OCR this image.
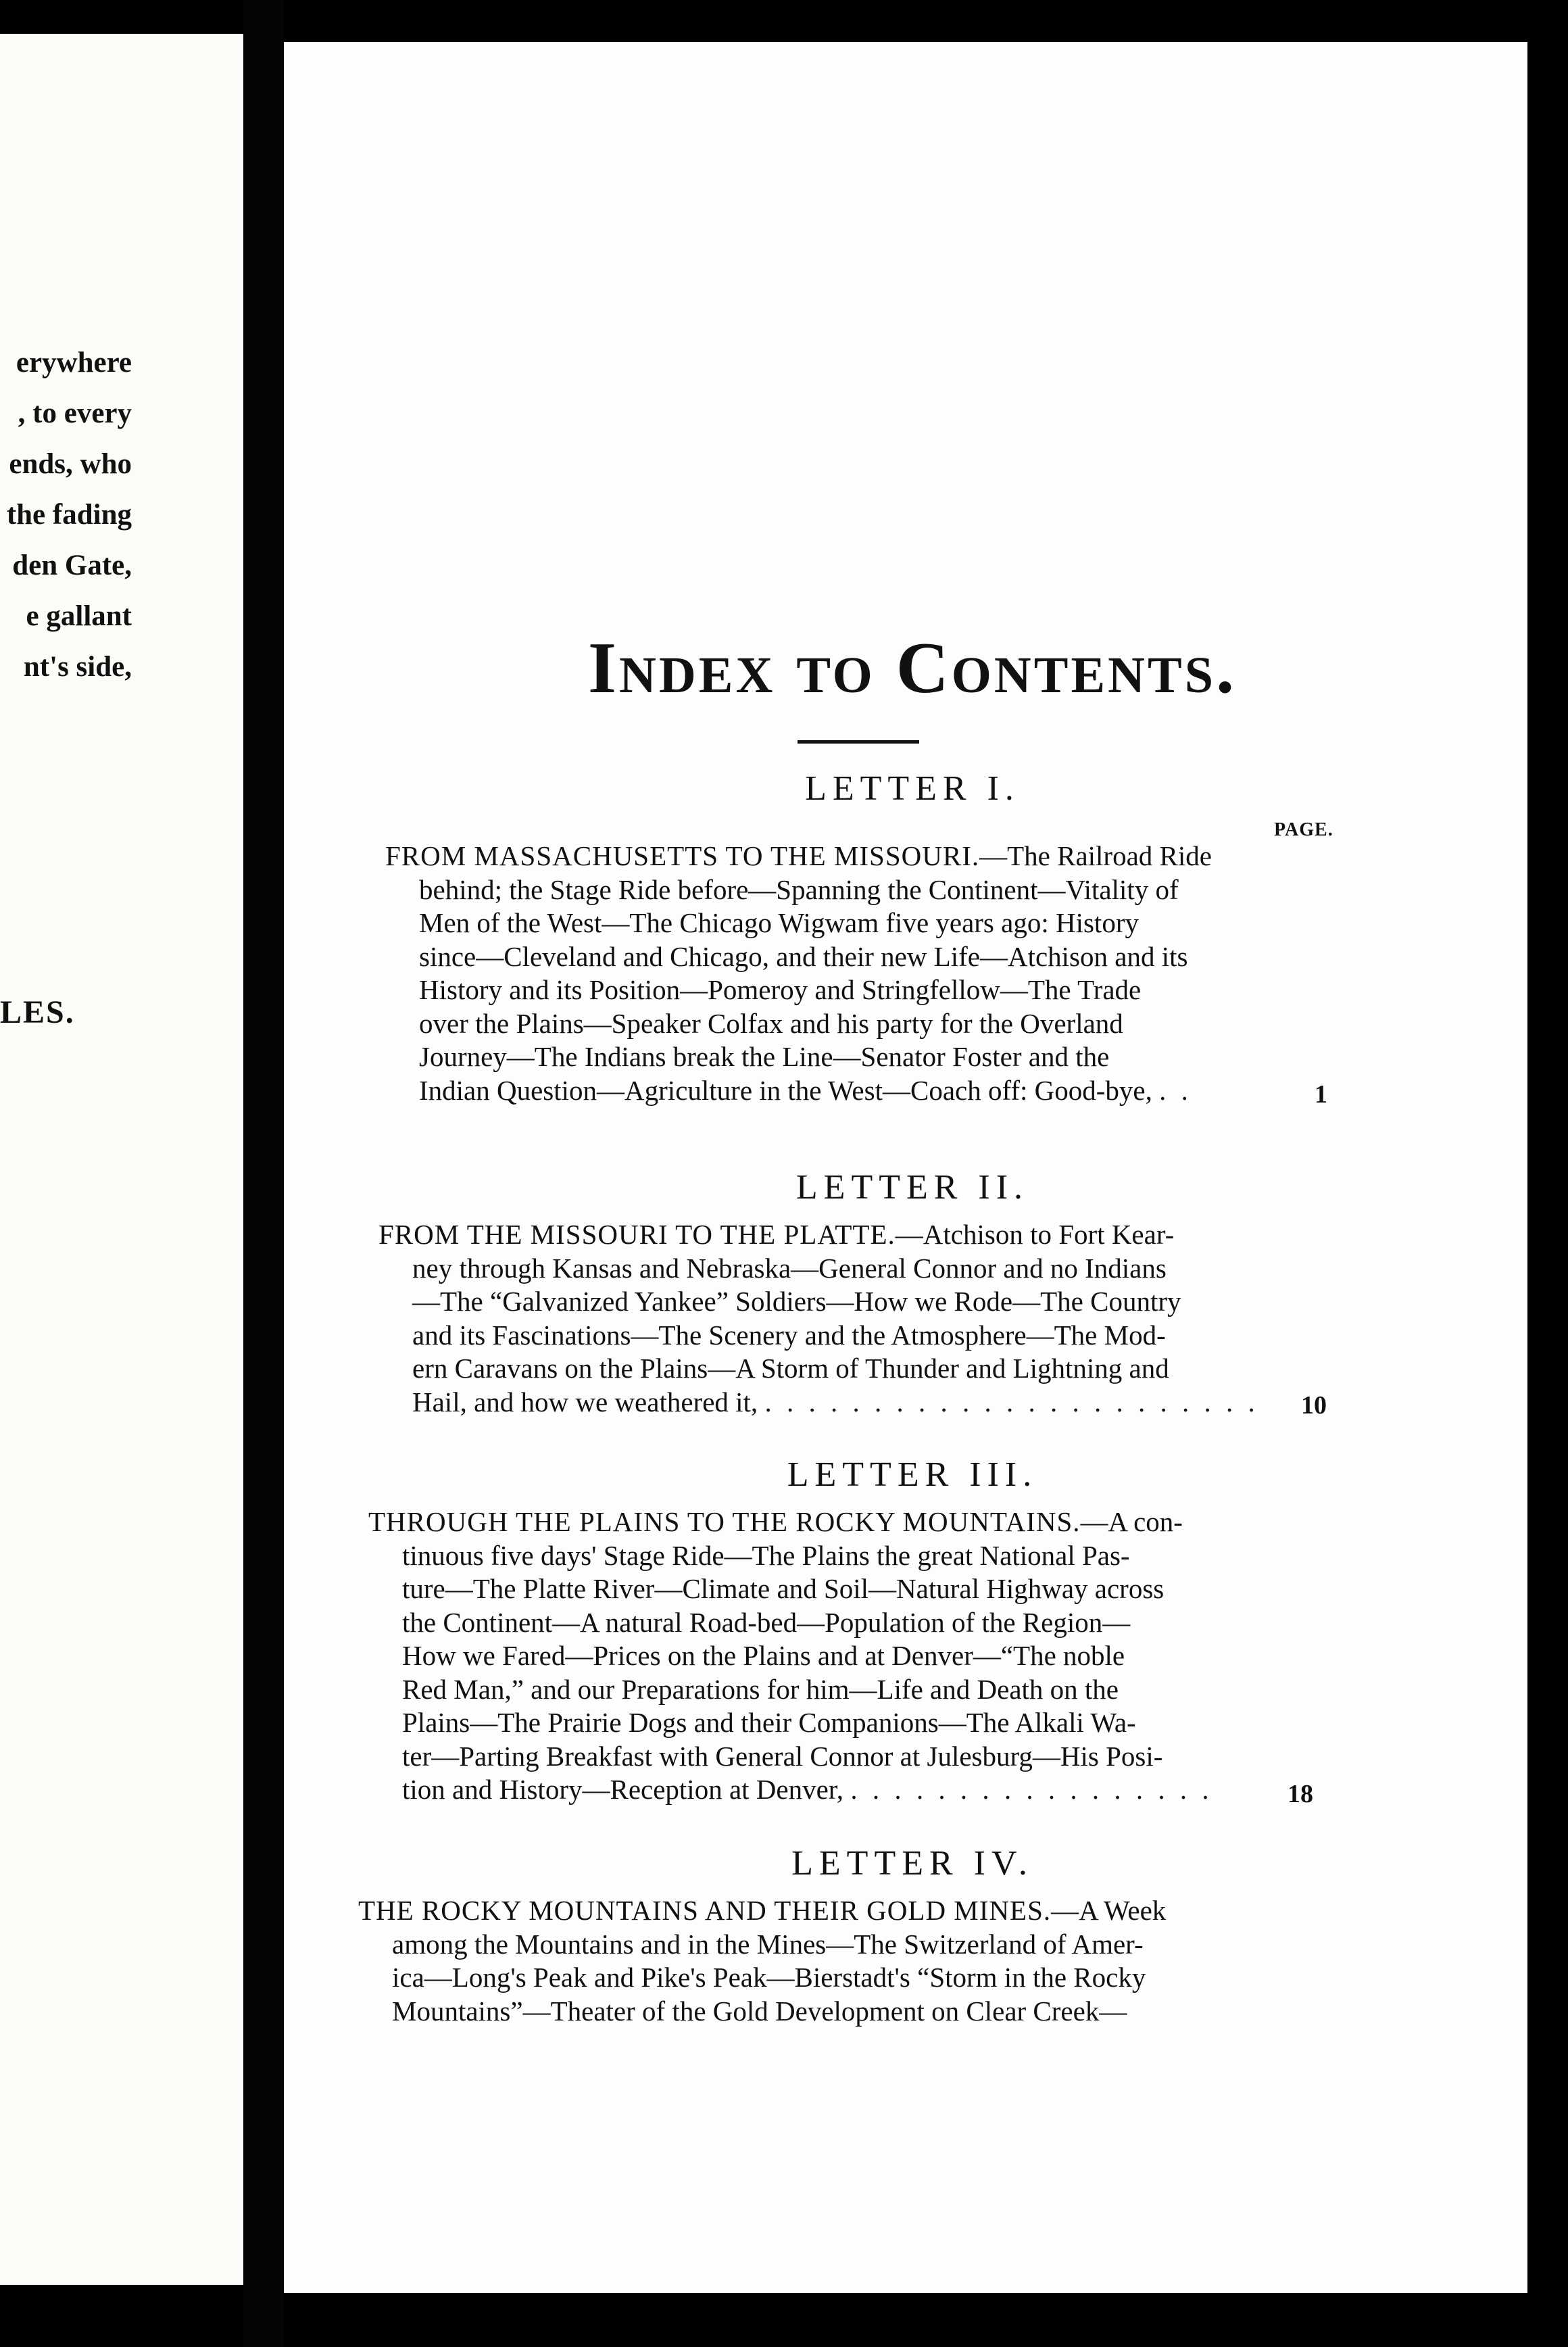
erywhere
, to every
ends, who
the fading
den Gate,
e gallant
nt's side,
LES.
Index to Contents.
LETTER I.
PAGE.
FROM MASSACHUSETTS TO THE MISSOURI.—The Railroad Ride
behind; the Stage Ride before—Spanning the Continent—Vitality of
Men of the West—The Chicago Wigwam five years ago: History
since—Cleveland and Chicago, and their new Life—Atchison and its
History and its Position—Pomeroy and Stringfellow—The Trade
over the Plains—Speaker Colfax and his party for the Overland
Journey—The Indians break the Line—Senator Foster and the
Indian Question—Agriculture in the West—Coach off: Good-bye, . .	1
LETTER II.
FROM THE MISSOURI TO THE PLATTE.—Atchison to Fort Kear-
ney through Kansas and Nebraska—General Connor and no Indians
—The “Galvanized Yankee” Soldiers—How we Rode—The Country
and its Fascinations—The Scenery and the Atmosphere—The Mod-
ern Caravans on the Plains—A Storm of Thunder and Lightning and
Hail, and how we weathered it, . . . . . . . . . . . . . . . . . . . . . . . 10
LETTER III.
THROUGH THE PLAINS TO THE ROCKY MOUNTAINS.—A con-
tinuous five days' Stage Ride—The Plains the great National Pas-
ture—The Platte River—Climate and Soil—Natural Highway across
the Continent—A natural Road-bed—Population of the Region—
How we Fared—Prices on the Plains and at Denver—“The noble
Red Man,” and our Preparations for him—Life and Death on the
Plains—The Prairie Dogs and their Companions—The Alkali Wa-
ter—Parting Breakfast with General Connor at Julesburg—His Posi-
tion and History—Reception at Denver, . . . . . . . . . . . . . . . . .	18
LETTER IV.
THE ROCKY MOUNTAINS AND THEIR GOLD MINES.—A Week
among the Mountains and in the Mines—The Switzerland of Amer-
ica—Long's Peak and Pike's Peak—Bierstadt's “Storm in the Rocky
Mountains”—Theater of the Gold Development on Clear Creek—
